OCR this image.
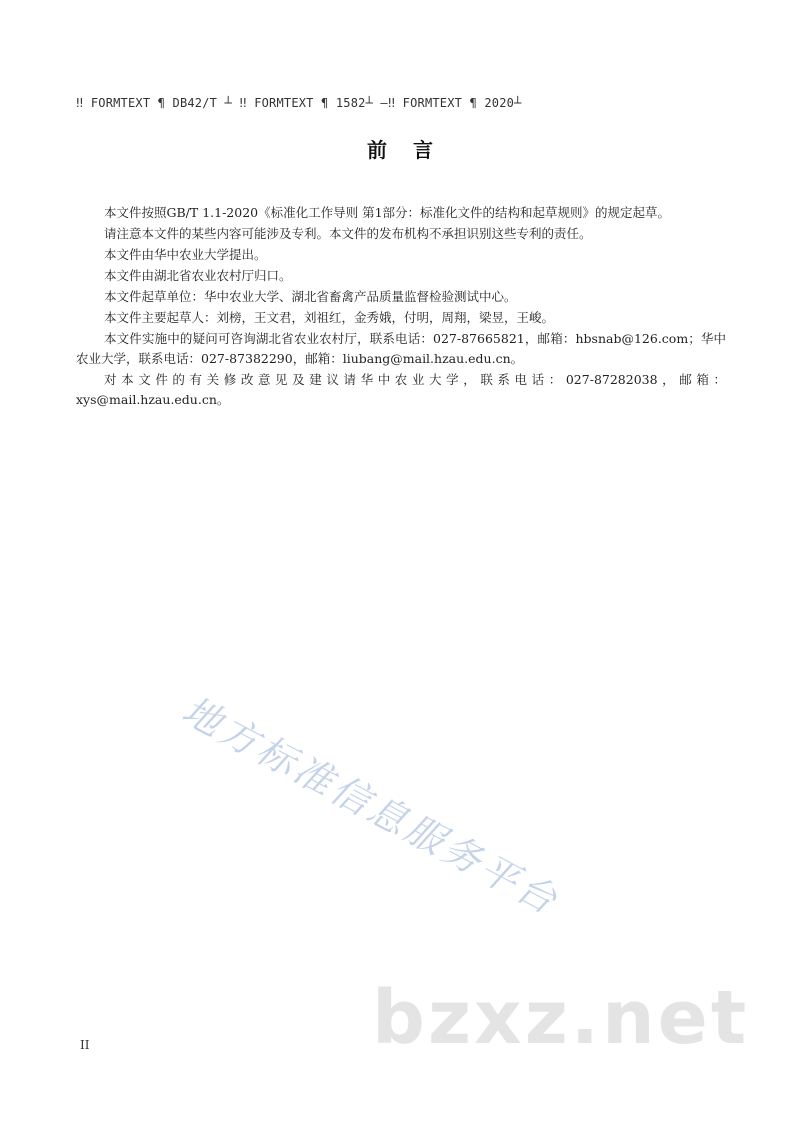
‼ FORMTEXT ¶ DB42/T ┴ ‼ FORMTEXT ¶ 1582┴ —‼ FORMTEXT ¶ 2020┴
前言

本文件按照GB/T 1.1-2020《标准化工作导则 第1部分：标准化文件的结构和起草规则》的规定起草。

请注意本文件的某些内容可能涉及专利。本文件的发布机构不承担识别这些专利的责任。

本文件由华中农业大学提出。

本文件由湖北省农业农村厅归口。

本文件起草单位：华中农业大学、湖北省畜禽产品质量监督检验测试中心。

本文件主要起草人：刘榜，王文君，刘祖红，金秀娥，付明，周翔，梁昱，王峻。

本文件实施中的疑问可咨询湖北省农业农村厅，联系电话：027-87665821，邮箱：hbsnab@126.com；华中农业大学，联系电话：027-87382290，邮箱：liubang@mail.hzau.edu.cn。

对本文件的有关修改意见及建议请华中农业大学，联系电话：027-87282038，邮箱：xys@mail.hzau.edu.cn。

地方标准信息服务平台
bzxz.net
II
